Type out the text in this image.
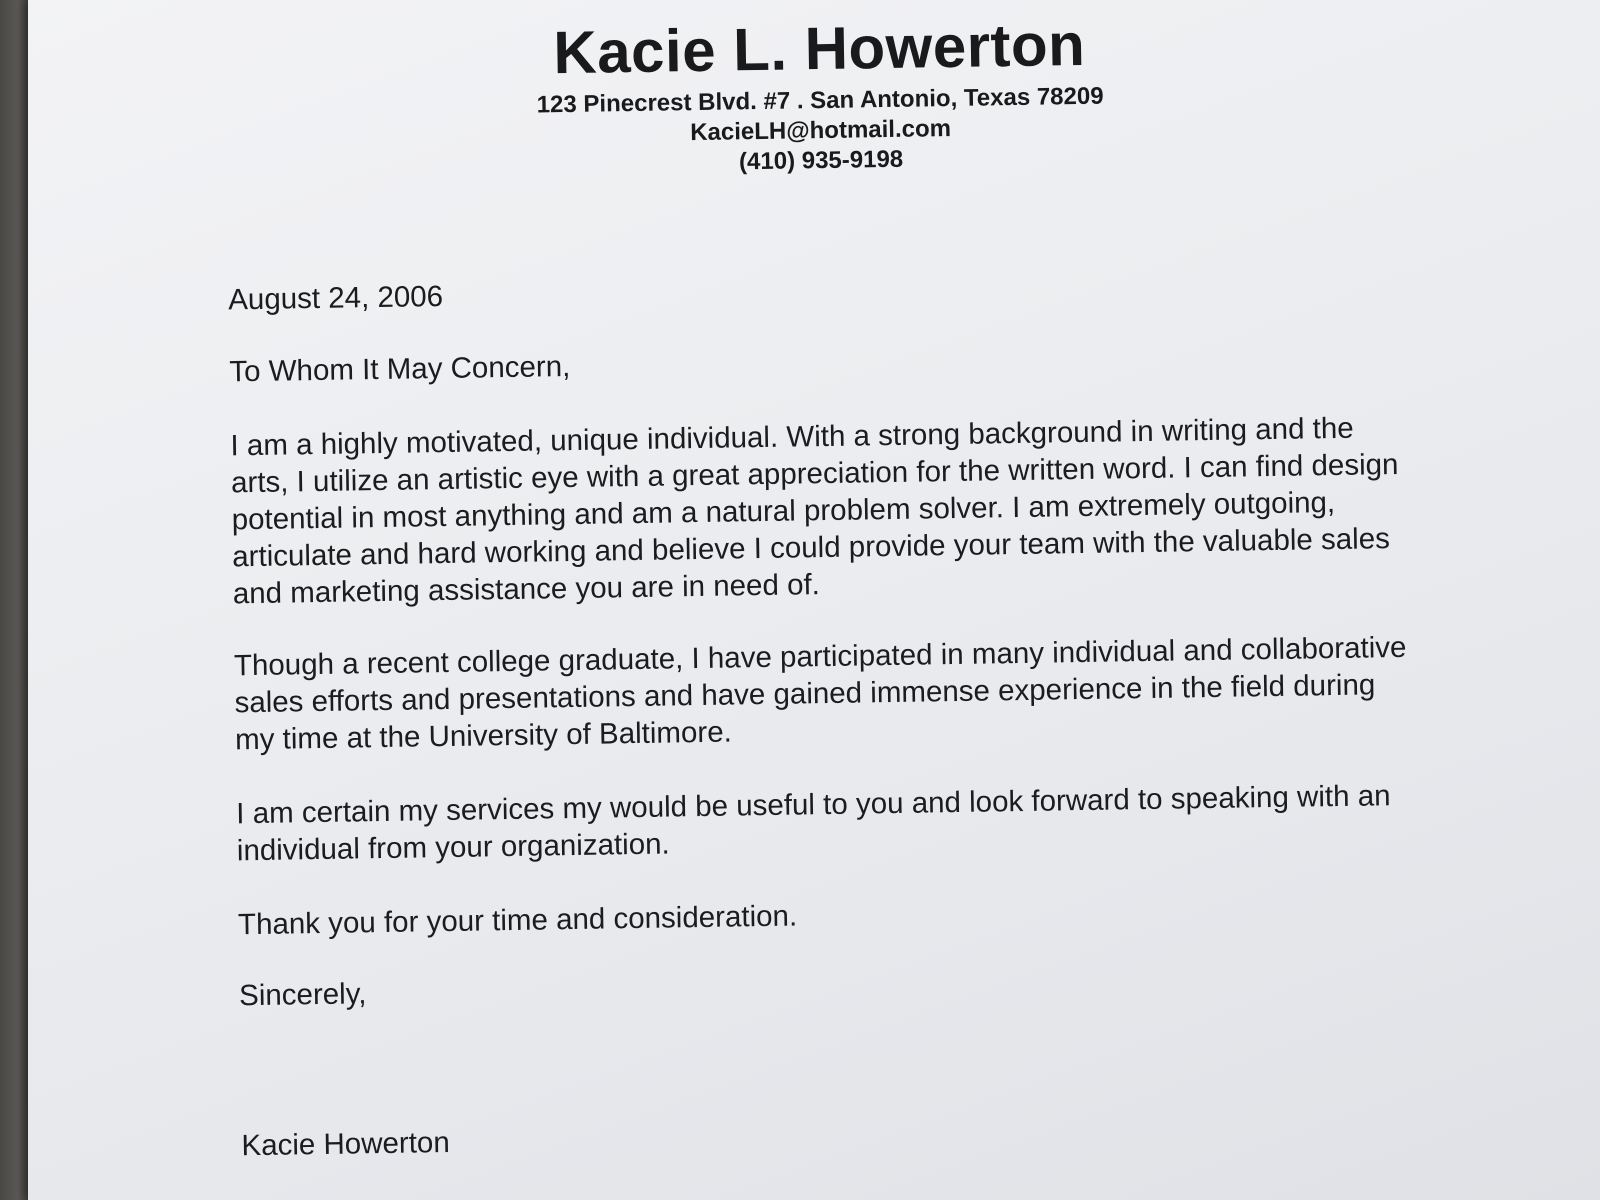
Kacie L. Howerton
123 Pinecrest Blvd. #7 . San Antonio, Texas 78209
KacieLH@hotmail.com
(410) 935-9198
August 24, 2006
To Whom It May Concern,
I am a highly motivated, unique individual. With a strong background in writing and the arts, I utilize an artistic eye with a great appreciation for the written word. I can find design potential in most anything and am a natural problem solver. I am extremely outgoing, articulate and hard working and believe I could provide your team with the valuable sales and marketing assistance you are in need of.
Though a recent college graduate, I have participated in many individual and collaborative sales efforts and presentations and have gained immense experience in the field during my time at the University of Baltimore.
I am certain my services my would be useful to you and look forward to speaking with an individual from your organization.
Thank you for your time and consideration.
Sincerely,
Kacie Howerton
